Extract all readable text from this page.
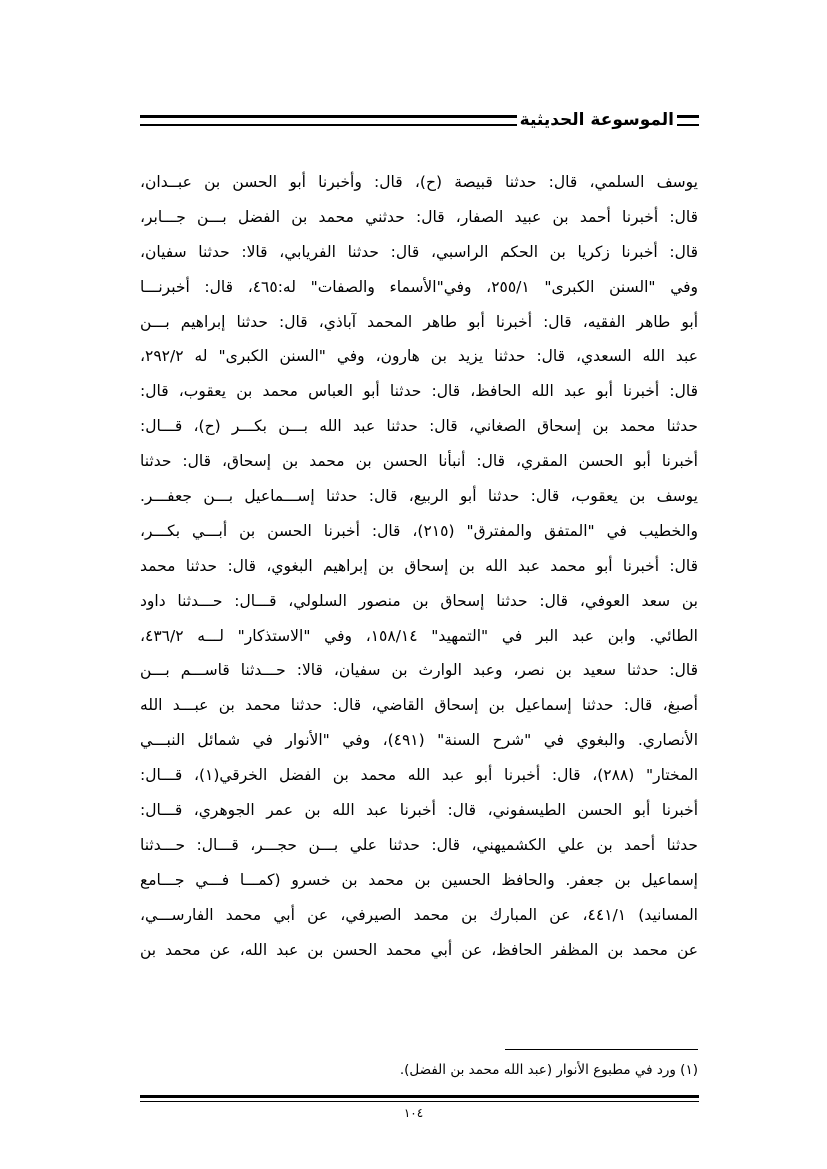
الموسوعة الحديثية
يوسف السلمي، قال: حدثنا قبيصة (ح)، قال: وأخبرنا أبو الحسن بن عبــدان،
قال: أخبرنا أحمد بن عبيد الصفار، قال: حدثني محمد بن الفضل بـــن جـــابر،
قال: أخبرنا زكريا بن الحكم الراسبي، قال: حدثنا الفريابي، قالا: حدثنا سفيان،
وفي "السنن الكبرى" ٢٥٥/١، وفي"الأسماء والصفات" له:٤٦٥، قال: أخبرنـــا
أبو طاهر الفقيه، قال: أخبرنا أبو طاهر المحمد آباذي، قال: حدثنا إبراهيم بـــن
عبد الله السعدي، قال: حدثنا يزيد بن هارون، وفي "السنن الكبرى" له ٢٩٢/٢،
قال: أخبرنا أبو عبد الله الحافظ، قال: حدثنا أبو العباس محمد بن يعقوب، قال:
حدثنا محمد بن إسحاق الصغاني، قال: حدثنا عبد الله بـــن بكـــر (ح)، قـــال:
أخبرنا أبو الحسن المقري، قال: أنبأنا الحسن بن محمد بن إسحاق، قال: حدثنا
يوسف بن يعقوب، قال: حدثنا أبو الربيع، قال: حدثنا إســـماعيل بـــن جعفـــر.
والخطيب في "المتفق والمفترق" (٢١٥)، قال: أخبرنا الحسن بن أبـــي بكـــر،
قال: أخبرنا أبو محمد عبد الله بن إسحاق بن إبراهيم البغوي، قال: حدثنا محمد
بن سعد العوفي، قال: حدثنا إسحاق بن منصور السلولي، قـــال: حـــدثنا داود
الطائي. وابن عبد البر في "التمهيد" ١٥٨/١٤، وفي "الاستذكار" لـــه ٤٣٦/٢،
قال: حدثنا سعيد بن نصر، وعبد الوارث بن سفيان، قالا: حـــدثنا قاســـم بـــن
أصبغ، قال: حدثنا إسماعيل بن إسحاق القاضي، قال: حدثنا محمد بن عبـــد الله
الأنصاري. والبغوي في "شرح السنة" (٤٩١)، وفي "الأنوار في شمائل النبـــي
المختار" (٢٨٨)، قال: أخبرنا أبو عبد الله محمد بن الفضل الخرقي(١)، قـــال:
أخبرنا أبو الحسن الطيسفوني، قال: أخبرنا عبد الله بن عمر الجوهري، قـــال:
حدثنا أحمد بن علي الكشميهني، قال: حدثنا علي بـــن حجـــر، قـــال: حـــدثنا
إسماعيل بن جعفر. والحافظ الحسين بن محمد بن خسرو (كمـــا فـــي جـــامع
المسانيد) ٤٤١/١، عن المبارك بن محمد الصيرفي، عن أبي محمد الفارســـي،
عن محمد بن المظفر الحافظ، عن أبي محمد الحسن بن عبد الله، عن محمد بن
(١) ورد في مطبوع الأنوار (عبد الله محمد بن الفضل).
١٠٤
